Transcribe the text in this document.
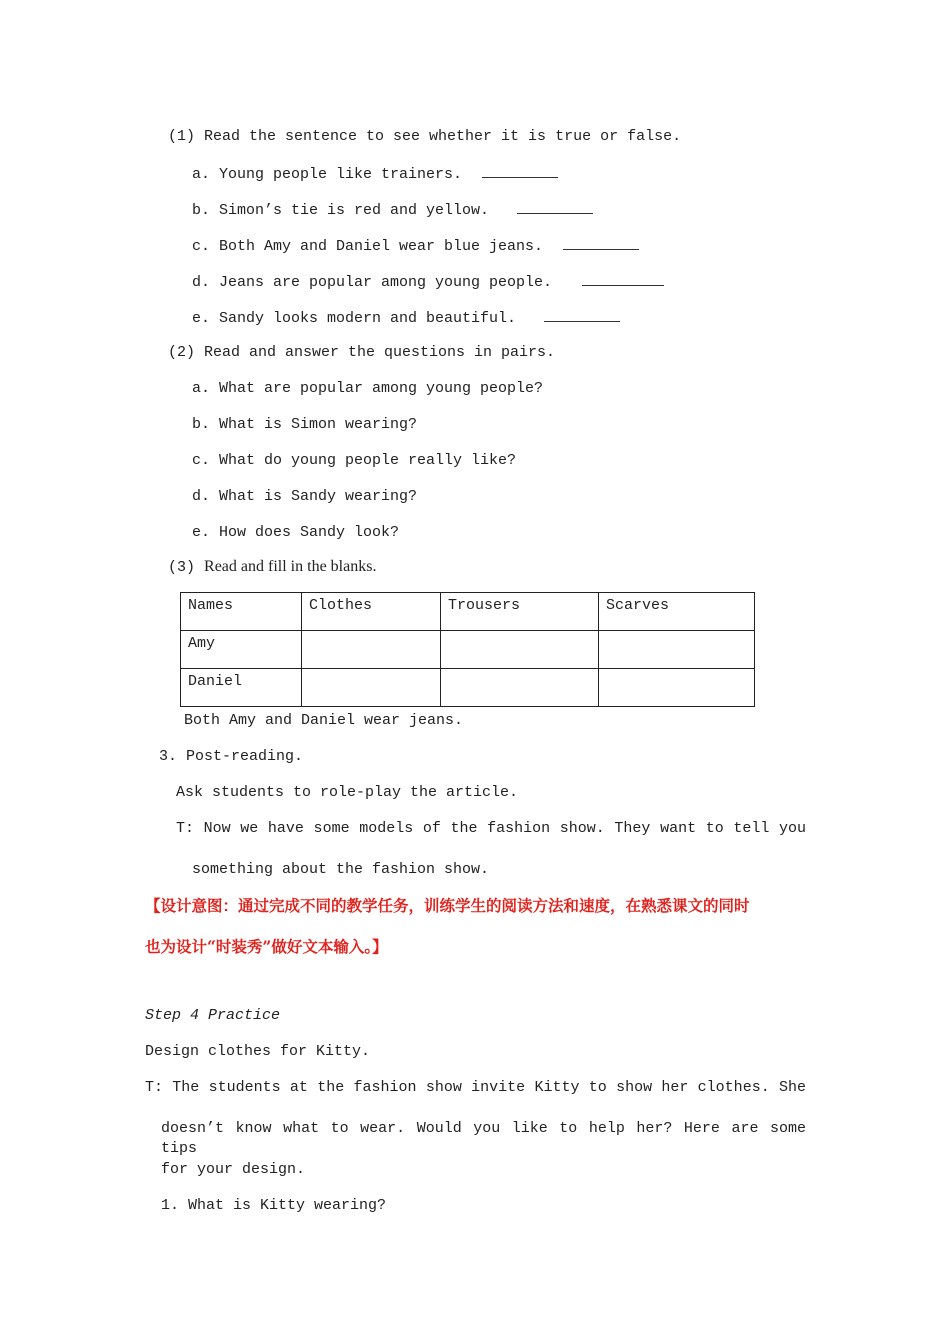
(1) Read the sentence to see whether it is true or false.
a. Young people like trainers.
b. Simon’s tie is red and yellow.
c. Both Amy and Daniel wear blue jeans.
d. Jeans are popular among young people.
e. Sandy looks modern and beautiful.
(2) Read and answer the questions in pairs.
a. What are popular among young people?
b. What is Simon wearing?
c. What do young people really like?
d. What is Sandy wearing?
e. How does Sandy look?
(3) Read and fill in the blanks.
Names	Clothes	Trousers	Scarves
Amy			
Daniel			
Both Amy and Daniel wear jeans.
3. Post-reading.
Ask students to role-play the article.
T: Now we have some models of the fashion show. They want to tell you
something about the fashion show.
【设计意图：通过完成不同的教学任务，训练学生的阅读方法和速度，在熟悉课文的同时
也为设计“时装秀”做好文本输入。】
Step 4 Practice
Design clothes for Kitty.
T: The students at the fashion show invite Kitty to show her clothes. She
doesn’t know what to wear. Would you like to help her? Here are some tips
for your design.
1. What is Kitty wearing?
